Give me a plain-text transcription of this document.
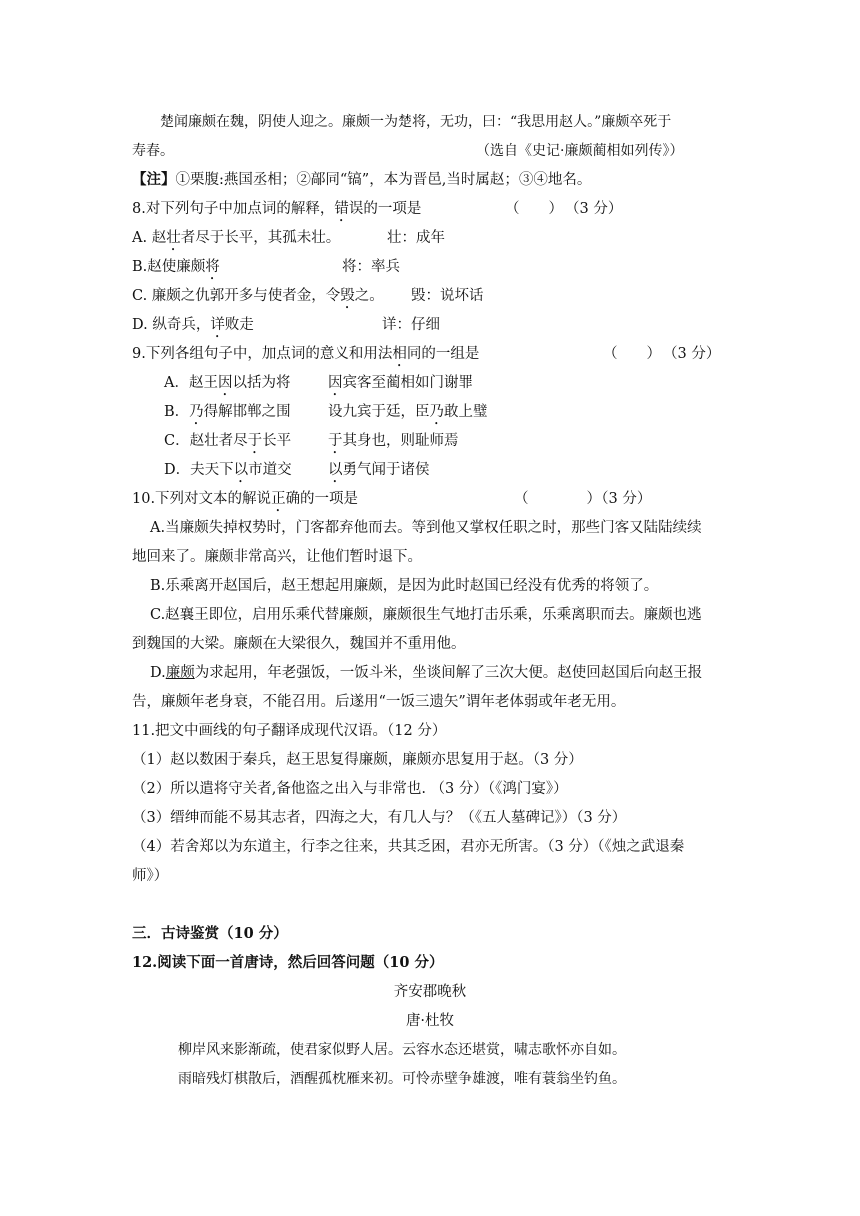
楚闻廉颇在魏，阴使人迎之。廉颇一为楚将，无功，曰：“我思用赵人。”廉颇卒死于
寿春。	（选自《史记·廉颇蔺相如列传》）
【注】①栗腹:燕国丞相；②鄗同“镐”，本为晋邑,当时属赵；③④地名。
8.对下列句子中加点词的解释，错误的一项是	（　　） （3 分）
A. 赵壮者尽于长平，其孤未壮。	壮：成年
B.赵使廉颇将	将：率兵
C. 廉颇之仇郭开多与使者金，令毁之。 毁：说坏话
D. 纵奇兵，详败走	详：仔细
9.下列各组句子中，加点词的意义和用法相同的一组是	（　　） （3 分）
A．赵王因以括为将	因宾客至蔺相如门谢罪
B．乃得解邯郸之围	设九宾于廷，臣乃敢上璧
C．赵壮者尽于长平	于其身也，则耻师焉
D．夫天下以市道交	以勇气闻于诸侯
10.下列对文本的解说正确的一项是	（　　　　）
（3 分）
A.当廉颇失掉权势时，门客都弃他而去。等到他又掌权任职之时，那些门客又陆陆续续
地回来了。廉颇非常高兴，让他们暂时退下。
B.乐乘离开赵国后，赵王想起用廉颇，是因为此时赵国已经没有优秀的将领了。
C.赵襄王即位，启用乐乘代替廉颇，廉颇很生气地打击乐乘，乐乘离职而去。廉颇也逃
到魏国的大梁。廉颇在大梁很久，魏国并不重用他。
D.廉颇为求起用，年老强饭，一饭斗米，坐谈间解了三次大便。赵使回赵国后向赵王报
告，廉颇年老身衰，不能召用。后遂用“一饭三遗矢”谓年老体弱或年老无用。
11.把文中画线的句子翻译成现代汉语。（12 分）
（1）赵以数困于秦兵，赵王思复得廉颇，廉颇亦思复用于赵。（3 分）
（2）所以遣将守关者,备他盗之出入与非常也. （3 分）（《鸿门宴》）
（3）缙绅而能不易其志者，四海之大，有几人与？（《五人墓碑记》）（3 分）
（4）若舍郑以为东道主，行李之往来，共其乏困，君亦无所害。（3 分）（《烛之武退秦
师》）
三．古诗鉴赏（10 分）
12.阅读下面一首唐诗，然后回答问题（10 分）
齐安郡晚秋
唐·杜牧
柳岸风来影渐疏，使君家似野人居。云容水态还堪赏，啸志歌怀亦自如。
雨暗残灯棋散后，酒醒孤枕雁来初。可怜赤壁争雄渡，唯有蓑翁坐钓鱼。
